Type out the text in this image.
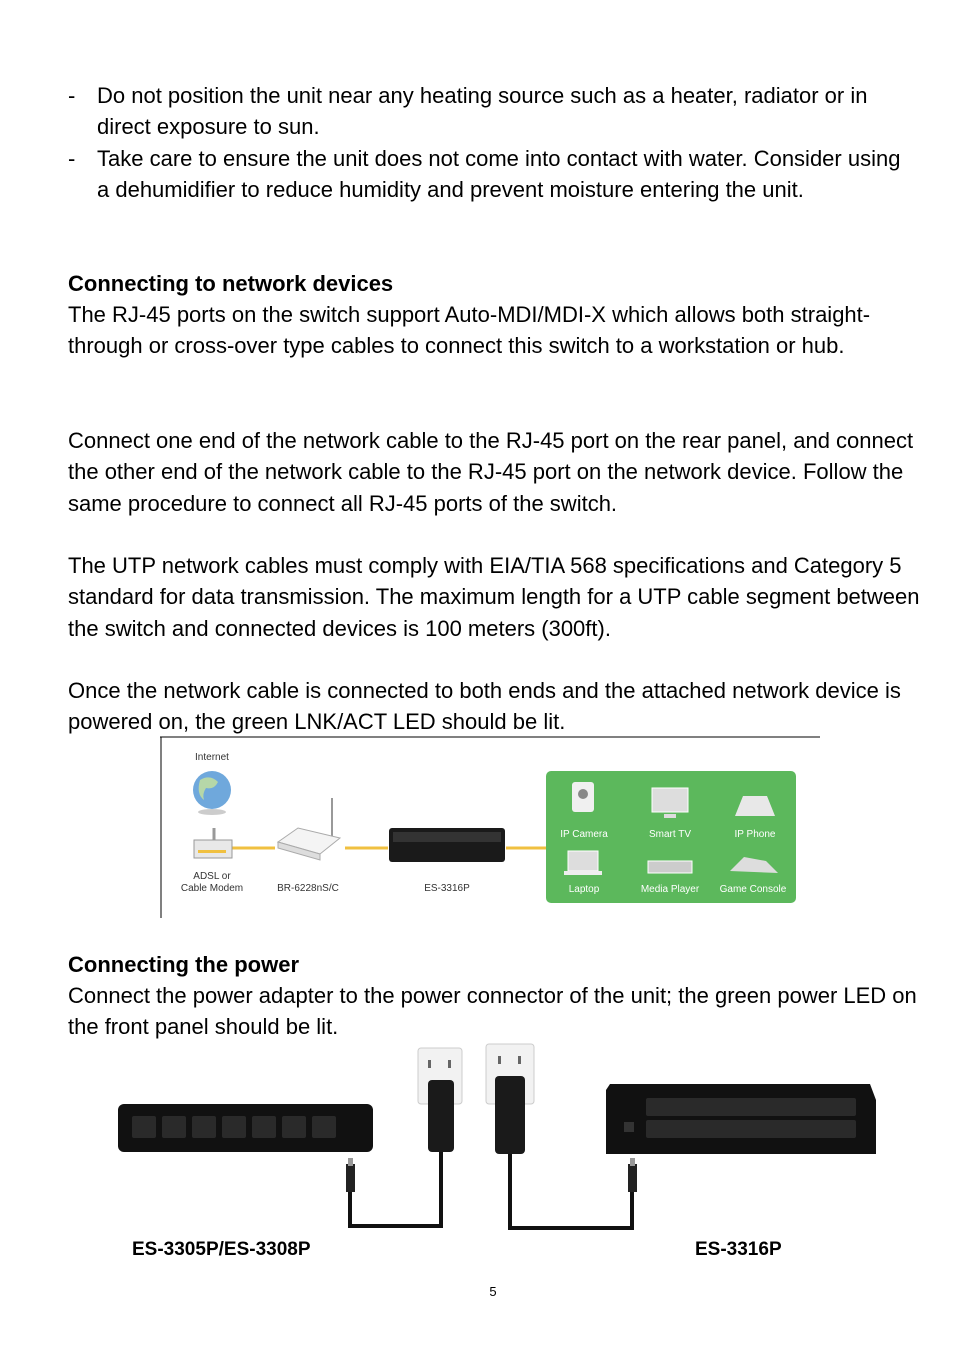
- Do not position the unit near any heating source such as a heater, radiator or in direct exposure to sun.
- Take care to ensure the unit does not come into contact with water. Consider using a dehumidifier to reduce humidity and prevent moisture entering the unit.
Connecting to network devices
The RJ-45 ports on the switch support Auto-MDI/MDI-X which allows both straight-through or cross-over type cables to connect this switch to a workstation or hub.
Connect one end of the network cable to the RJ-45 port on the rear panel, and connect the other end of the network cable to the RJ-45 port on the network device. Follow the same procedure to connect all RJ-45 ports of the switch.
The UTP network cables must comply with EIA/TIA 568 specifications and Category 5 standard for data transmission. The maximum length for a UTP cable segment between the switch and connected devices is 100 meters (300ft).
Once the network cable is connected to both ends and the attached network device is powered on, the green LNK/ACT LED should be lit.
Internet
ADSL or
Cable Modem	BR-6228nS/C	ES-3316P
IP Camera	Smart TV	IP Phone
Laptop	Media Player Game Console
Connecting the power
Connect the power adapter to the power connector of the unit; the green power LED on the front panel should be lit.
ES-3305P/ES-3308P	ES-3316P
5
